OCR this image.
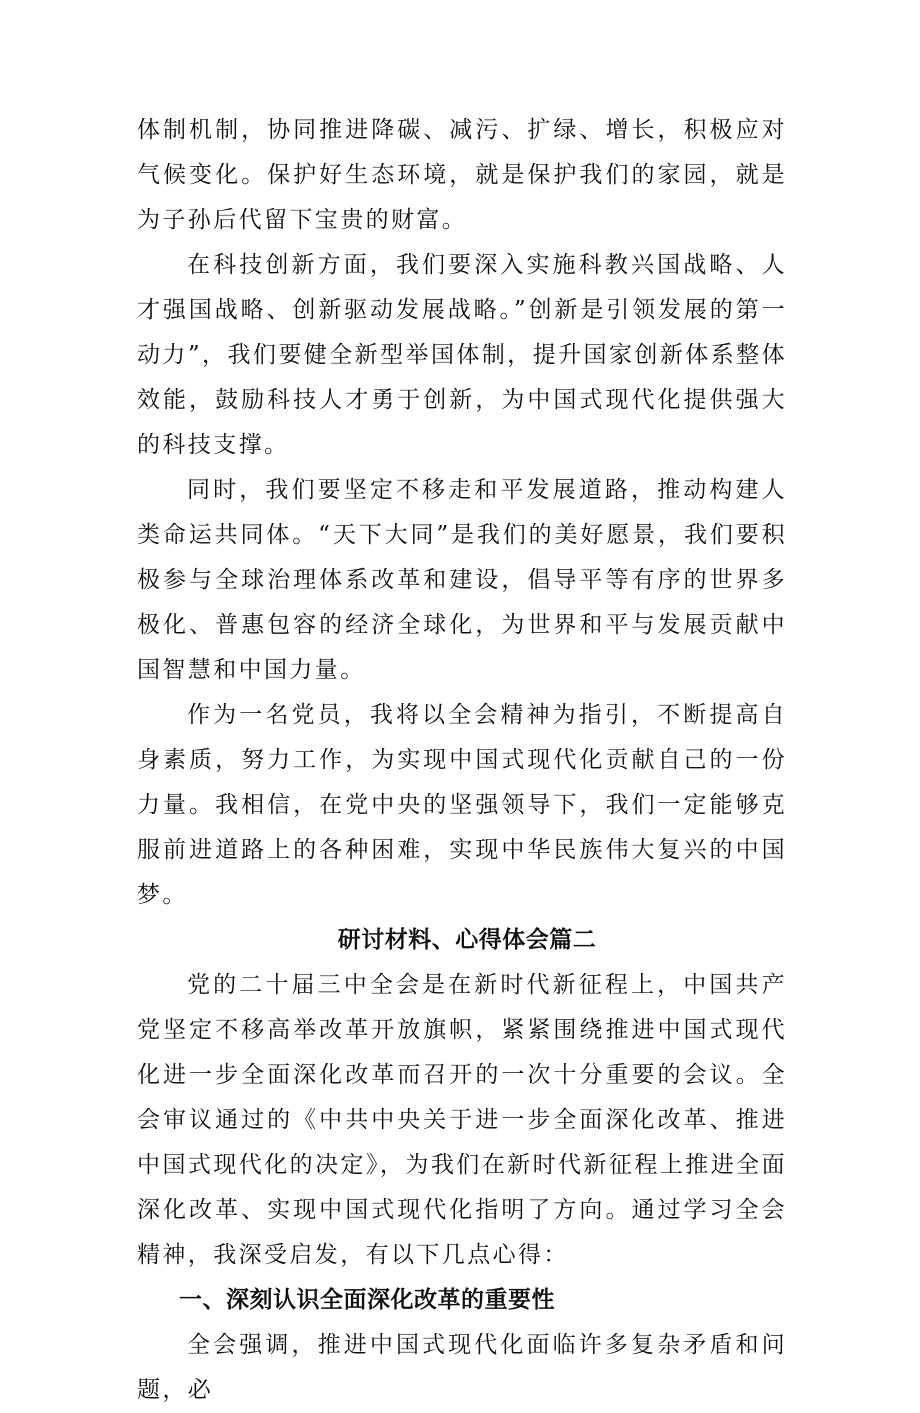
体制机制，协同推进降碳、减污、扩绿、增长，积极应对气候变化。保护好生态环境，就是保护我们的家园，就是为子孙后代留下宝贵的财富。

在科技创新方面，我们要深入实施科教兴国战略、人才强国战略、创新驱动发展战略。”创新是引领发展的第一动力”，我们要健全新型举国体制，提升国家创新体系整体效能，鼓励科技人才勇于创新，为中国式现代化提供强大的科技支撑。

同时，我们要坚定不移走和平发展道路，推动构建人类命运共同体。“天下大同”是我们的美好愿景，我们要积极参与全球治理体系改革和建设，倡导平等有序的世界多极化、普惠包容的经济全球化，为世界和平与发展贡献中国智慧和中国力量。

作为一名党员，我将以全会精神为指引，不断提高自身素质，努力工作，为实现中国式现代化贡献自己的一份力量。我相信，在党中央的坚强领导下，我们一定能够克服前进道路上的各种困难，实现中华民族伟大复兴的中国梦。

研讨材料、心得体会篇二

党的二十届三中全会是在新时代新征程上，中国共产党坚定不移高举改革开放旗帜，紧紧围绕推进中国式现代化进一步全面深化改革而召开的一次十分重要的会议。全会审议通过的《中共中央关于进一步全面深化改革、推进中国式现代化的决定》，为我们在新时代新征程上推进全面深化改革、实现中国式现代化指明了方向。通过学习全会精神，我深受启发，有以下几点心得：

一、深刻认识全面深化改革的重要性

全会强调，推进中国式现代化面临许多复杂矛盾和问题，必
